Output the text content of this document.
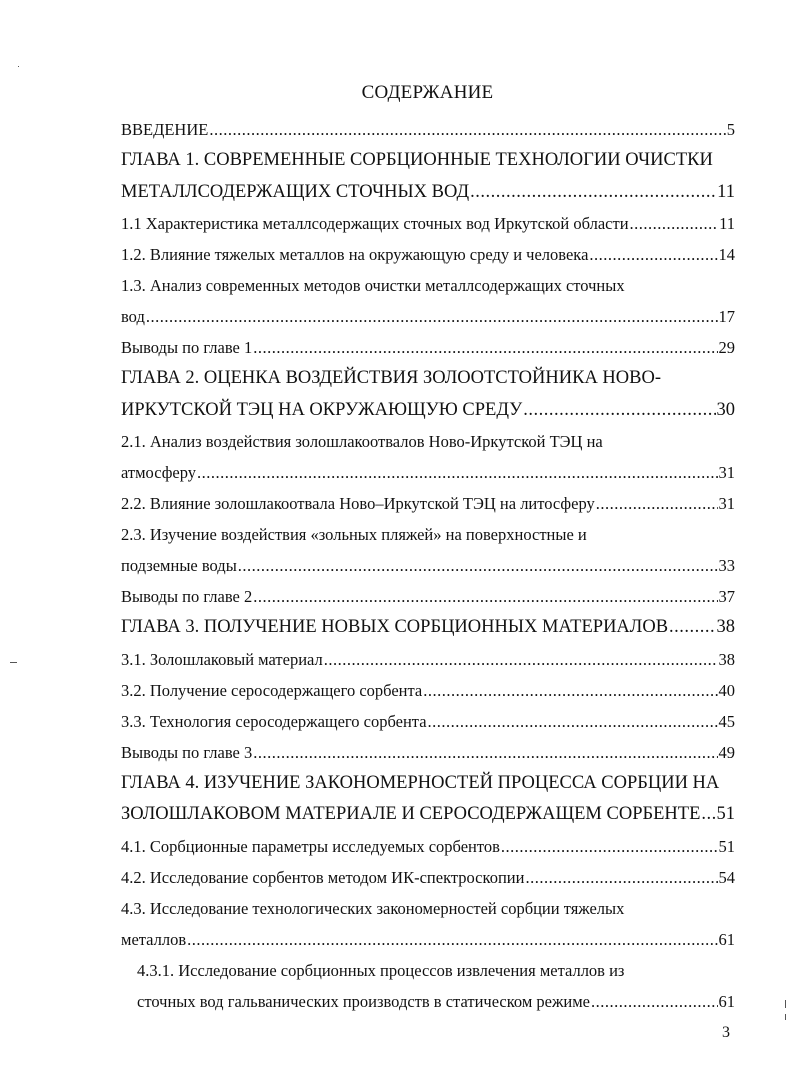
СОДЕРЖАНИЕ
ВВЕДЕНИЕ .....	5
ГЛАВА 1. СОВРЕМЕННЫЕ СОРБЦИОННЫЕ ТЕХНОЛОГИИ ОЧИСТКИ
МЕТАЛЛСОДЕРЖАЩИХ СТОЧНЫХ ВОД .....	11
1.1 Характеристика металлсодержащих сточных вод Иркутской области .....	11
1.2. Влияние тяжелых металлов на окружающую среду и человека .....	14
1.3. Анализ современных методов очистки металлсодержащих сточных
вод .....	17
Выводы по главе 1 .....	29
ГЛАВА 2. ОЦЕНКА ВОЗДЕЙСТВИЯ ЗОЛООТСТОЙНИКА НОВО-
ИРКУТСКОЙ ТЭЦ НА ОКРУЖАЮЩУЮ СРЕДУ .....	30
2.1. Анализ воздействия золошлакоотвалов Ново-Иркутской ТЭЦ на
атмосферу .....	31
2.2. Влияние золошлакоотвала Ново–Иркутской ТЭЦ на литосферу .....	31
2.3. Изучение воздействия «зольных пляжей» на поверхностные и
подземные воды .....	33
Выводы по главе 2 .....	37
ГЛАВА 3. ПОЛУЧЕНИЕ НОВЫХ СОРБЦИОННЫХ МАТЕРИАЛОВ .....	38
3.1. Золошлаковый материал .....	38
3.2. Получение серосодержащего сорбента .....	40
3.3. Технология серосодержащего сорбента .....	45
Выводы по главе 3 .....	49
ГЛАВА 4. ИЗУЧЕНИЕ ЗАКОНОМЕРНОСТЕЙ ПРОЦЕССА СОРБЦИИ НА
ЗОЛОШЛАКОВОМ МАТЕРИАЛЕ И СЕРОСОДЕРЖАЩЕМ СОРБЕНТЕ ..... 51
4.1. Сорбционные параметры исследуемых сорбентов .....	51
4.2. Исследование сорбентов методом ИК-спектроскопии .....	54
4.3. Исследование технологических закономерностей сорбции тяжелых
металлов .....	61
4.3.1. Исследование сорбционных процессов извлечения металлов из
сточных вод гальванических производств в статическом режиме .....	61
3
